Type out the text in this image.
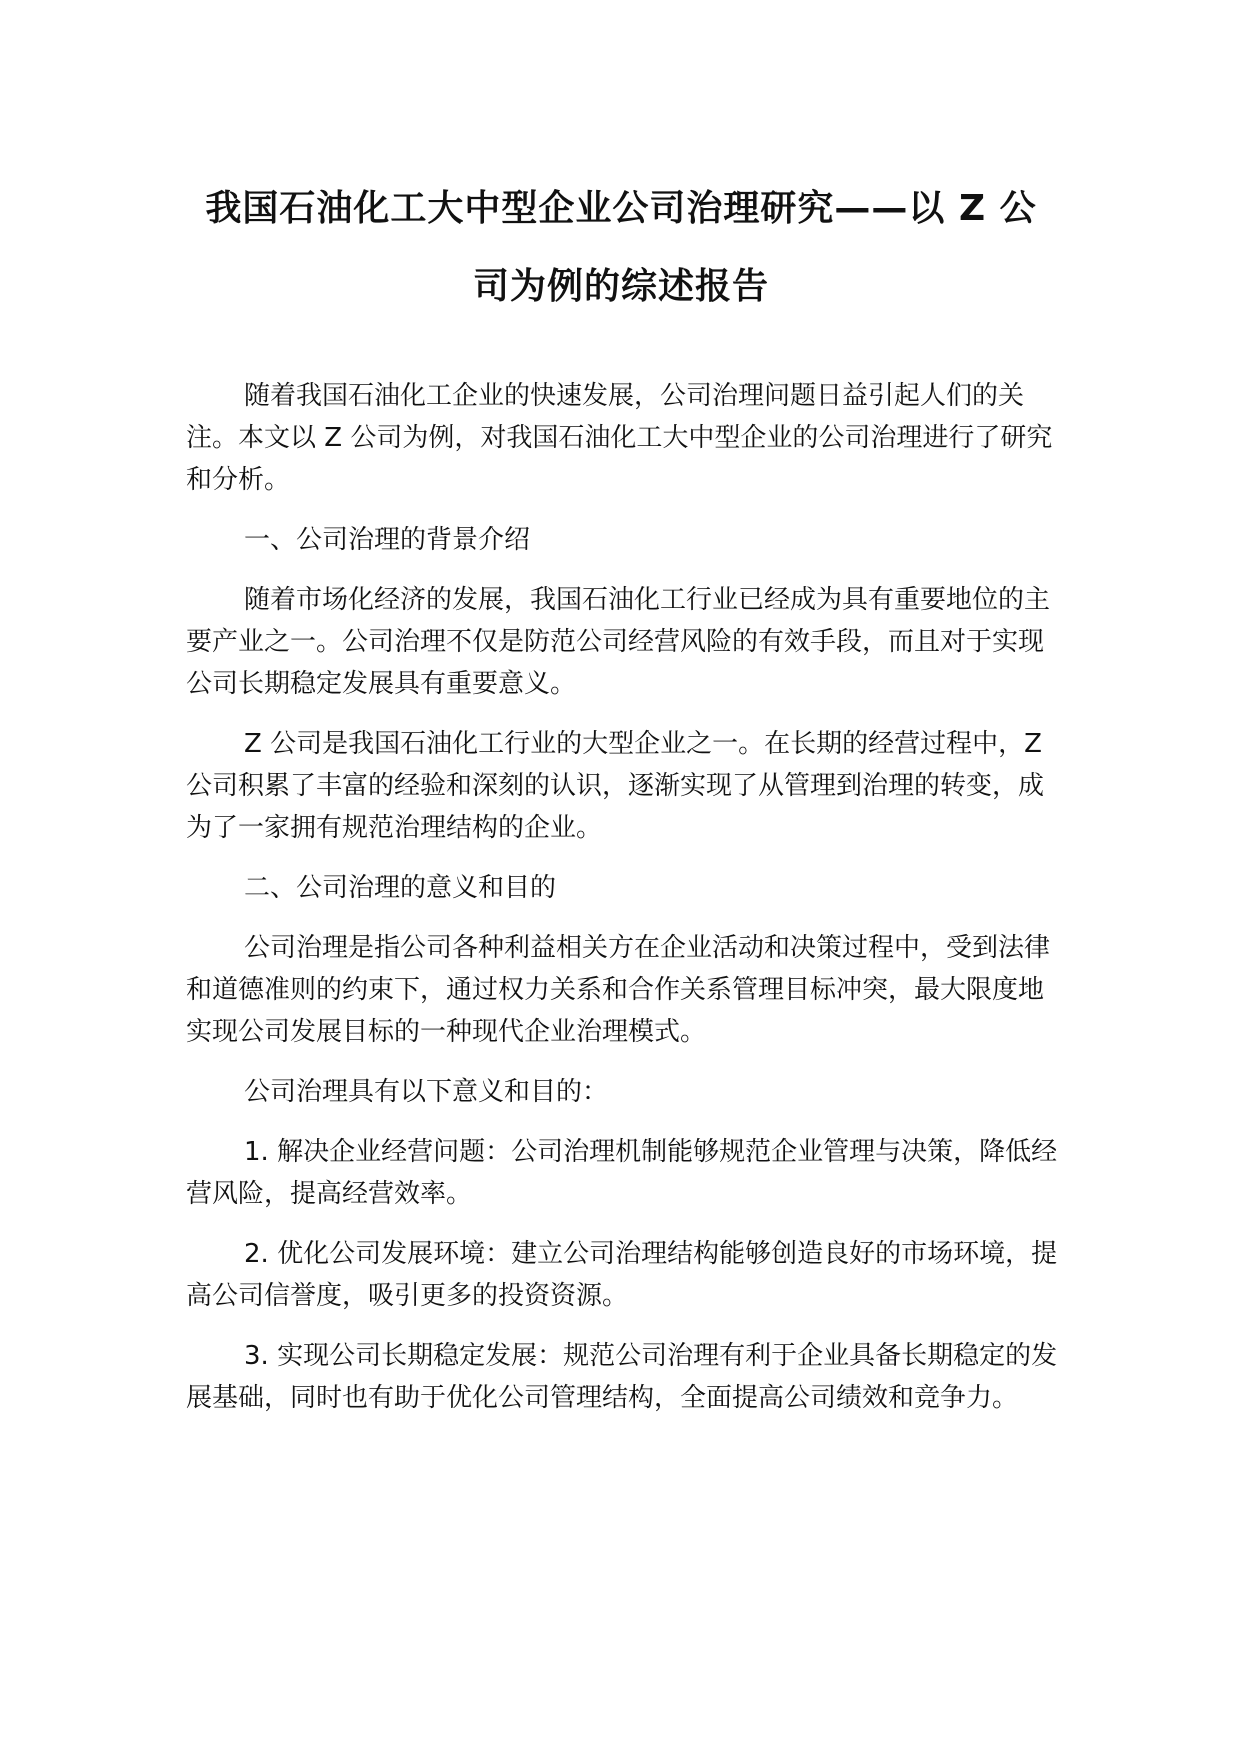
我国石油化工大中型企业公司治理研究——以 Z 公
司为例的综述报告

随着我国石油化工企业的快速发展，公司治理问题日益引起人们的关注。本文以 Z 公司为例，对我国石油化工大中型企业的公司治理进行了研究和分析。

一、公司治理的背景介绍

随着市场化经济的发展，我国石油化工行业已经成为具有重要地位的主要产业之一。公司治理不仅是防范公司经营风险的有效手段，而且对于实现公司长期稳定发展具有重要意义。

Z 公司是我国石油化工行业的大型企业之一。在长期的经营过程中，Z 公司积累了丰富的经验和深刻的认识，逐渐实现了从管理到治理的转变，成为了一家拥有规范治理结构的企业。

二、公司治理的意义和目的

公司治理是指公司各种利益相关方在企业活动和决策过程中，受到法律和道德准则的约束下，通过权力关系和合作关系管理目标冲突，最大限度地实现公司发展目标的一种现代企业治理模式。

公司治理具有以下意义和目的：

1. 解决企业经营问题：公司治理机制能够规范企业管理与决策，降低经营风险，提高经营效率。

2. 优化公司发展环境：建立公司治理结构能够创造良好的市场环境，提高公司信誉度，吸引更多的投资资源。

3. 实现公司长期稳定发展：规范公司治理有利于企业具备长期稳定的发展基础，同时也有助于优化公司管理结构，全面提高公司绩效和竞争力。
